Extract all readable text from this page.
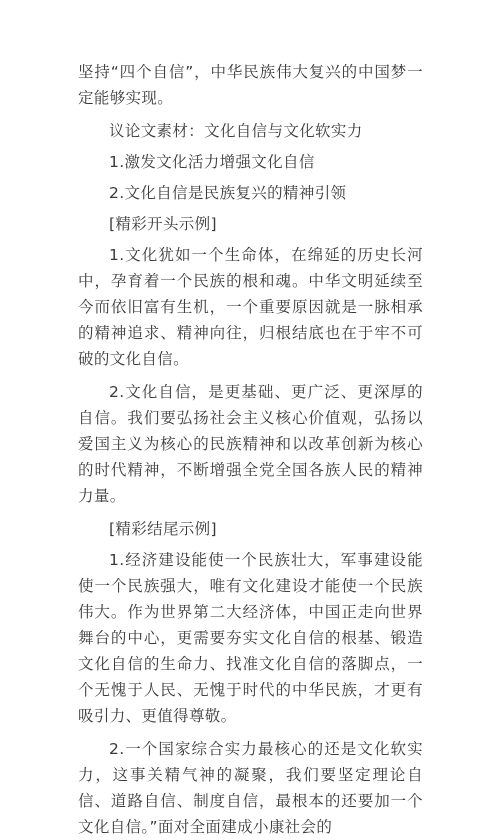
坚持“四个自信”，中华民族伟大复兴的中国梦一定能够实现。

议论文素材：文化自信与文化软实力

1.激发文化活力增强文化自信

2.文化自信是民族复兴的精神引领

[精彩开头示例]

1.文化犹如一个生命体，在绵延的历史长河中，孕育着一个民族的根和魂。中华文明延续至今而依旧富有生机，一个重要原因就是一脉相承的精神追求、精神向往，归根结底也在于牢不可破的文化自信。

2.文化自信，是更基础、更广泛、更深厚的自信。我们要弘扬社会主义核心价值观，弘扬以爱国主义为核心的民族精神和以改革创新为核心的时代精神，不断增强全党全国各族人民的精神力量。

[精彩结尾示例]

1.经济建设能使一个民族壮大，军事建设能使一个民族强大，唯有文化建设才能使一个民族伟大。作为世界第二大经济体，中国正走向世界舞台的中心，更需要夯实文化自信的根基、锻造文化自信的生命力、找准文化自信的落脚点，一个无愧于人民、无愧于时代的中华民族，才更有吸引力、更值得尊敬。

2.一个国家综合实力最核心的还是文化软实力，这事关精气神的凝聚，我们要坚定理论自信、道路自信、制度自信，最根本的还要加一个文化自信。”面对全面建成小康社会的
